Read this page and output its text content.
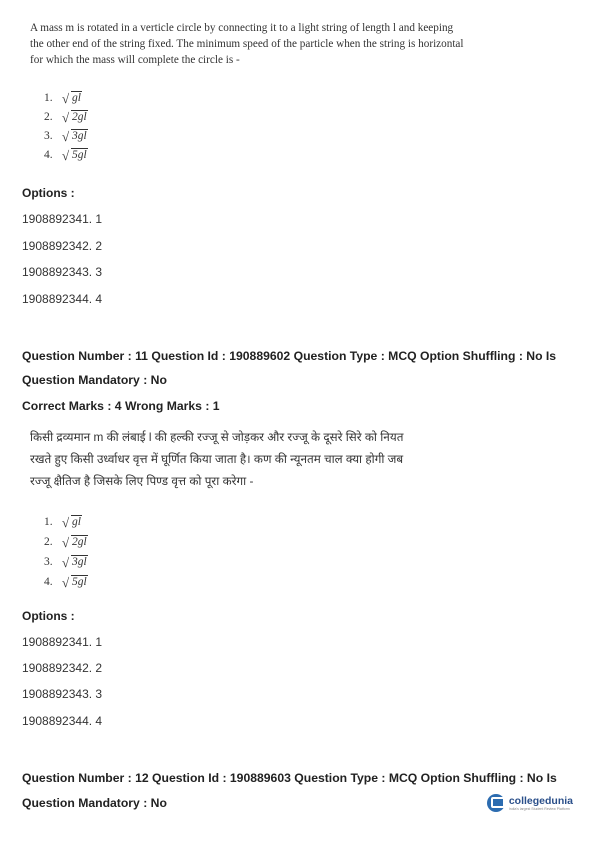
A mass m is rotated in a verticle circle by connecting it to a light string of length l and keeping
the other end of the string fixed. The minimum speed of the particle when the string is horizontal
for which the mass will complete the circle is -
1. √ gl
2. √ 2gl
3. √ 3gl
4. √ 5gl
Options :
1908892341. 1
1908892342. 2
1908892343. 3
1908892344. 4
Question Number : 11 Question Id : 190889602 Question Type : MCQ Option Shuffling : No Is
Question Mandatory : No
Correct Marks : 4 Wrong Marks : 1
किसी द्रव्यमान m की लंबाई l की हल्की रज्जू से जोड़कर और रज्जू के दूसरे सिरे को नियत
रखते हुए किसी उर्ध्वाधर वृत्त में घूर्णित किया जाता है। कण की न्यूनतम चाल क्या होगी जब
रज्जू क्षैतिज है जिसके लिए पिण्ड वृत्त को पूरा करेगा -
1. √ gl
2. √ 2gl
3. √ 3gl
4. √ 5gl
Options :
1908892341. 1
1908892342. 2
1908892343. 3
1908892344. 4
Question Number : 12 Question Id : 190889603 Question Type : MCQ Option Shuffling : No Is
Question Mandatory : No	collegedunia
India's largest Student Review Platform
